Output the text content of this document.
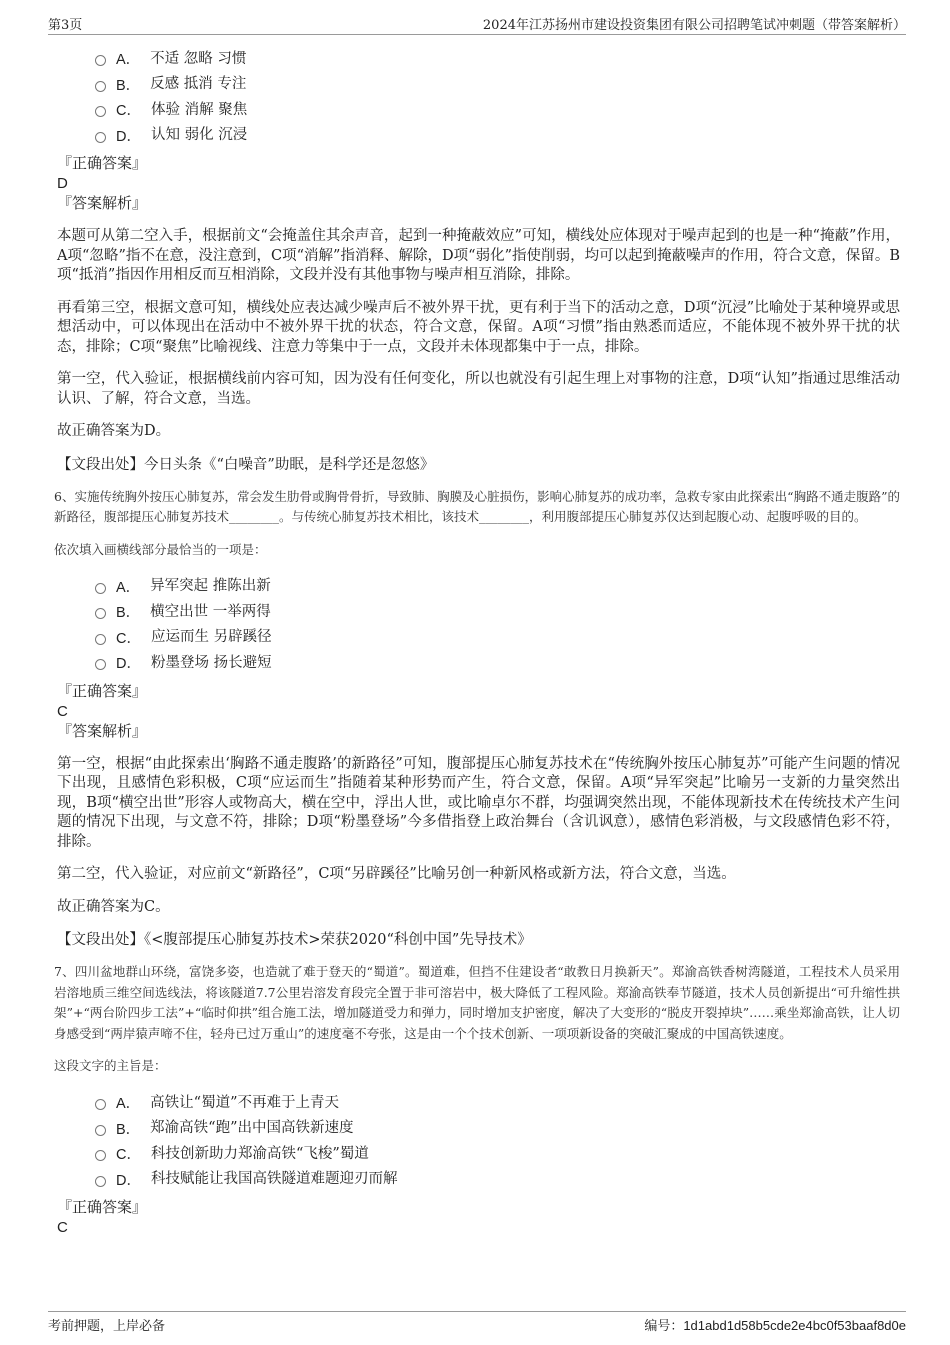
第3页	2024年江苏扬州市建设投资集团有限公司招聘笔试冲刺题（带答案解析）
A． 不适 忽略 习惯
B． 反感 抵消 专注
C． 体验 消解 聚焦
D． 认知 弱化 沉浸

『正确答案』

D

『答案解析』

本题可从第二空入手，根据前文“会掩盖住其余声音，起到一种掩蔽效应”可知，横线处应体现对于噪声起到的也是一种“掩蔽”作用，A项“忽略”指不在意，没注意到，C项“消解”指消释、解除，D项“弱化”指使削弱，均可以起到掩蔽噪声的作用，符合文意，保留。B项“抵消”指因作用相反而互相消除，文段并没有其他事物与噪声相互消除，排除。

再看第三空，根据文意可知，横线处应表达减少噪声后不被外界干扰，更有利于当下的活动之意，D项“沉浸”比喻处于某种境界或思想活动中，可以体现出在活动中不被外界干扰的状态，符合文意，保留。A项“习惯”指由熟悉而适应，不能体现不被外界干扰的状态，排除；C项“聚焦”比喻视线、注意力等集中于一点，文段并未体现都集中于一点，排除。

第一空，代入验证，根据横线前内容可知，因为没有任何变化，所以也就没有引起生理上对事物的注意，D项“认知”指通过思维活动认识、了解，符合文意，当选。

故正确答案为D。

【文段出处】今日头条《“白噪音”助眠，是科学还是忽悠》

6、实施传统胸外按压心肺复苏，常会发生肋骨或胸骨骨折，导致肺、胸膜及心脏损伤，影响心肺复苏的成功率，急救专家由此探索出“胸路不通走腹路”的新路径，腹部提压心肺复苏技术________。与传统心肺复苏技术相比，该技术________，利用腹部提压心肺复苏仅达到起腹心动、起腹呼吸的目的。

依次填入画横线部分最恰当的一项是：

A． 异军突起 推陈出新
B． 横空出世 一举两得
C． 应运而生 另辟蹊径
D． 粉墨登场 扬长避短

『正确答案』

C

『答案解析』

第一空，根据“由此探索出‘胸路不通走腹路’的新路径”可知，腹部提压心肺复苏技术在“传统胸外按压心肺复苏”可能产生问题的情况下出现，且感情色彩积极，C项“应运而生”指随着某种形势而产生，符合文意，保留。A项“异军突起”比喻另一支新的力量突然出现，B项“横空出世”形容人或物高大，横在空中，浮出人世，或比喻卓尔不群，均强调突然出现，不能体现新技术在传统技术产生问题的情况下出现，与文意不符，排除；D项“粉墨登场”今多借指登上政治舞台（含讥讽意），感情色彩消极，与文段感情色彩不符，排除。

第二空，代入验证，对应前文“新路径”，C项“另辟蹊径”比喻另创一种新风格或新方法，符合文意，当选。

故正确答案为C。

【文段出处】《<腹部提压心肺复苏技术>荣获2020“科创中国”先导技术》

7、四川盆地群山环绕，富饶多姿，也造就了难于登天的“蜀道”。蜀道难，但挡不住建设者“敢教日月换新天”。郑渝高铁香树湾隧道，工程技术人员采用岩溶地质三维空间选线法，将该隧道7.7公里岩溶发育段完全置于非可溶岩中，极大降低了工程风险。郑渝高铁奉节隧道，技术人员创新提出“可升缩性拱架”+“两台阶四步工法”+“临时仰拱”组合施工法，增加隧道受力和弹力，同时增加支护密度，解决了大变形的“脱皮开裂掉块”……乘坐郑渝高铁，让人切身感受到“两岸猿声啼不住，轻舟已过万重山”的速度毫不夸张，这是由一个个技术创新、一项项新设备的突破汇聚成的中国高铁速度。

这段文字的主旨是：

A． 高铁让“蜀道”不再难于上青天
B． 郑渝高铁“跑”出中国高铁新速度
C． 科技创新助力郑渝高铁“飞梭”蜀道
D． 科技赋能让我国高铁隧道难题迎刃而解

『正确答案』

C

考前押题，上岸必备	编号：1d1abd1d58b5cde2e4bc0f53baaf8d0e
